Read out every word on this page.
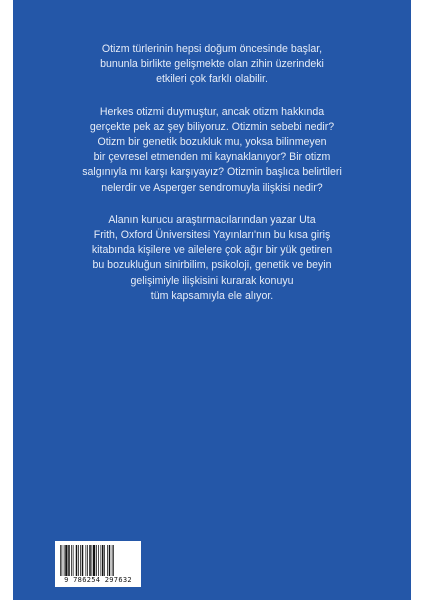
Otizm türlerinin hepsi doğum öncesinde başlar,
bununla birlikte gelişmekte olan zihin üzerindeki
etkileri çok farklı olabilir.

Herkes otizmi duymuştur, ancak otizm hakkında
gerçekte pek az şey biliyoruz. Otizmin sebebi nedir?
Otizm bir genetik bozukluk mu, yoksa bilinmeyen
bir çevresel etmenden mi kaynaklanıyor? Bir otizm
salgınıyla mı karşı karşıyayız? Otizmin başlıca belirtileri
nelerdir ve Asperger sendromuyla ilişkisi nedir?

Alanın kurucu araştırmacılarından yazar Uta
Frith, Oxford Üniversitesi Yayınları'nın bu kısa giriş
kitabında kişilere ve ailelere çok ağır bir yük getiren
bu bozukluğun sinirbilim, psikoloji, genetik ve beyin
gelişimiyle ilişkisini kurarak konuyu
tüm kapsamıyla ele alıyor.

9 786254 297632
